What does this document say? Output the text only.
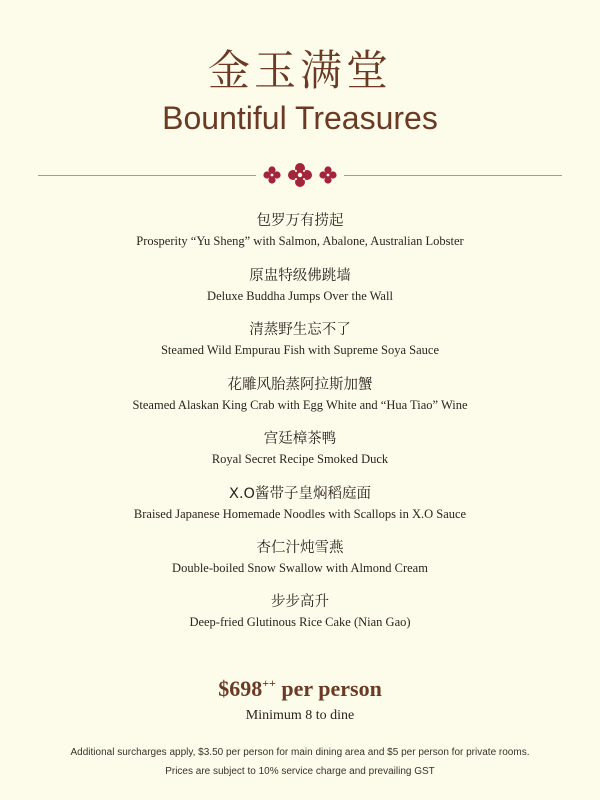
金玉满堂
Bountiful Treasures
包罗万有捞起
Prosperity “Yu Sheng” with Salmon, Abalone, Australian Lobster
原盅特级佛跳墙
Deluxe Buddha Jumps Over the Wall
清蒸野生忘不了
Steamed Wild Empurau Fish with Supreme Soya Sauce
花雕风胎蒸阿拉斯加蟹
Steamed Alaskan King Crab with Egg White and “Hua Tiao” Wine
宫廷樟茶鸭
Royal Secret Recipe Smoked Duck
X.O酱带子皇焖稻庭面
Braised Japanese Homemade Noodles with Scallops in X.O Sauce
杏仁汁炖雪燕
Double-boiled Snow Swallow with Almond Cream
步步高升
Deep-fried Glutinous Rice Cake (Nian Gao)
$698++ per person
Minimum 8 to dine
Additional surcharges apply, $3.50 per person for main dining area and $5 per person for private rooms.
Prices are subject to 10% service charge and prevailing GST
